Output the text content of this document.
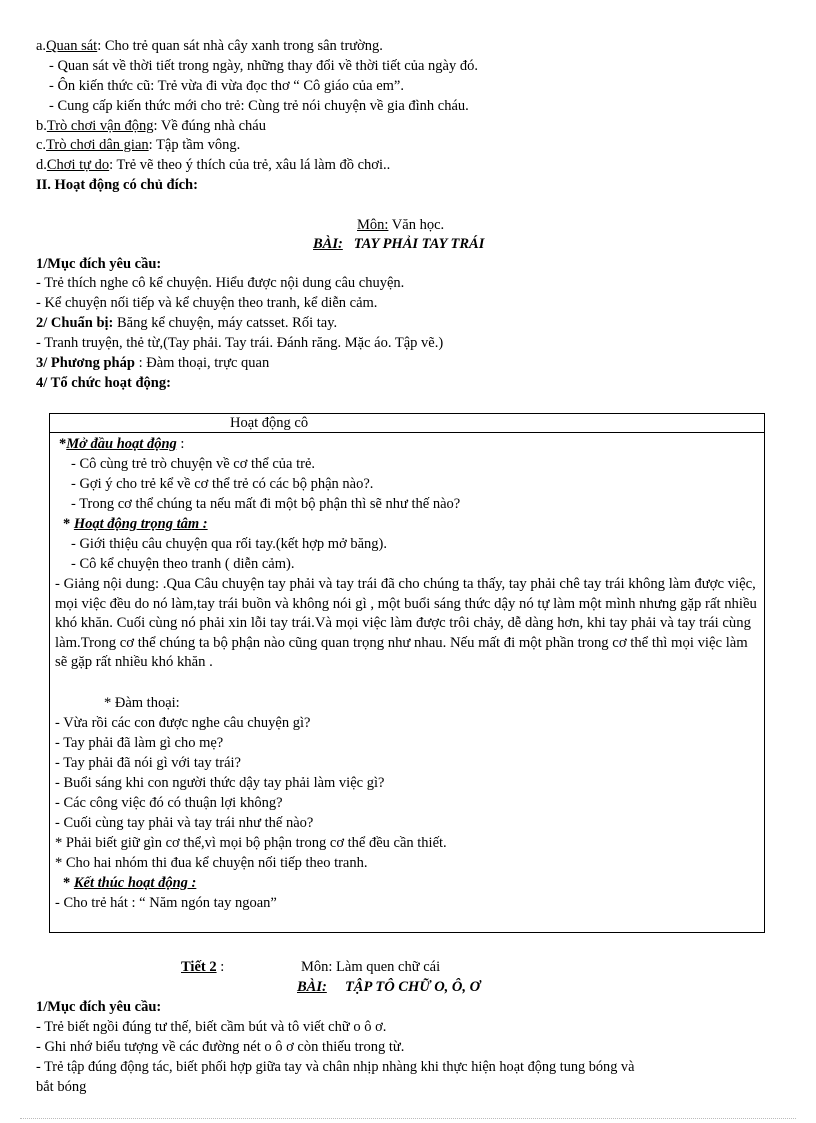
a.Quan sát: Cho trẻ quan sát nhà cây xanh trong sân trường.
- Quan sát về thời tiết trong ngày, những thay đổi về thời tiết của ngày đó.
- Ôn kiến thức cũ: Trẻ vừa đi vừa đọc thơ “ Cô giáo của em”.
- Cung cấp kiến thức mới cho trẻ: Cùng trẻ nói chuyện về gia đình cháu.
b.Trò chơi vận động: Về đúng nhà cháu
c.Trò chơi dân gian: Tập tầm vông.
d.Chơi tự do: Trẻ vẽ theo ý thích của trẻ, xâu lá làm đồ chơi..
II. Hoạt động có chủ đích:
Môn: Văn học.
BÀI: TAY PHẢI TAY TRÁI
1/Mục đích yêu cầu:
- Trẻ thích nghe cô kể chuyện. Hiểu được nội dung câu chuyện.
- Kể chuyện nối tiếp và kể chuyện theo tranh, kể diễn cảm.
2/ Chuẩn bị: Băng kể chuyện, máy catsset. Rối tay.
- Tranh truyện, thẻ từ,(Tay phải. Tay trái. Đánh răng. Mặc áo. Tập vẽ.)
3/ Phương pháp : Đàm thoại, trực quan
4/ Tổ chức hoạt động:
Hoạt động cô
*Mở đầu hoạt động :
- Cô cùng trẻ trò chuyện về cơ thể của trẻ.
- Gợi ý cho trẻ kể về cơ thể trẻ có các bộ phận nào?.
- Trong cơ thể chúng ta nếu mất đi một bộ phận thì sẽ như thế nào?
* Hoạt động trọng tâm :
- Giới thiệu câu chuyện qua rối tay.(kết hợp mở băng).
- Cô kể chuyện theo tranh ( diễn cảm).
- Giảng nội dung: .Qua Câu chuyện tay phải và tay trái đã cho chúng ta thấy, tay phải chê tay trái không làm được việc, mọi việc đều do nó làm,tay trái buồn và không nói gì , một buổi sáng thức dậy nó tự làm một mình nhưng gặp rất nhiều khó khăn. Cuối cùng nó phải xin lỗi tay trái.Và mọi việc làm được trôi chảy, dễ dàng hơn, khi tay phải và tay trái cùng làm.Trong cơ thể chúng ta bộ phận nào cũng quan trọng như nhau. Nếu mất đi một phần trong cơ thể thì mọi việc làm sẽ gặp rất nhiều khó khăn .
* Đàm thoại:
- Vừa rồi các con được nghe câu chuyện gì?
- Tay phải đã làm gì cho mẹ?
- Tay phải đã nói gì với tay trái?
- Buổi sáng khi con người thức dậy tay phải làm việc gì?
- Các công việc đó có thuận lợi không?
- Cuối cùng tay phải và tay trái như thế nào?
* Phải biết giữ gìn cơ thể,vì mọi bộ phận trong cơ thể đều cần thiết.
* Cho hai nhóm thi đua kể chuyện nối tiếp theo tranh.
* Kết thúc hoạt động :
- Cho trẻ hát : “ Năm ngón tay ngoan”
Tiết 2 :	Môn: Làm quen chữ cái
BÀI: TẬP TÔ CHỮ O, Ô, Ơ
1/Mục đích yêu cầu:
- Trẻ biết ngồi đúng tư thế, biết cầm bút và tô viết chữ o ô ơ.
- Ghi nhớ biểu tượng về các đường nét o ô ơ còn thiếu trong từ.
- Trẻ tập đúng động tác, biết phối hợp giữa tay và chân nhịp nhàng khi thực hiện hoạt động tung bóng và
bắt bóng
